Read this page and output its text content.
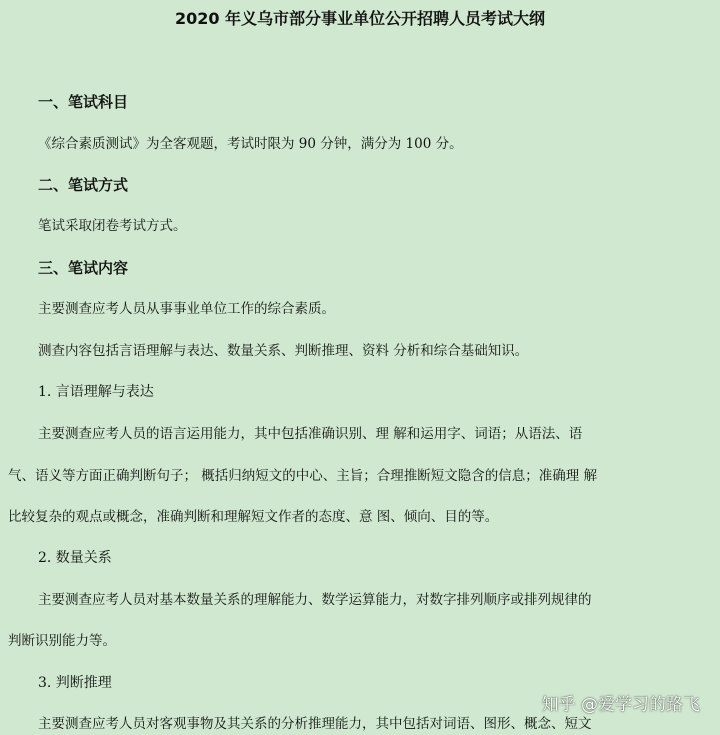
2020 年义乌市部分事业单位公开招聘人员考试大纲
一、笔试科目
《综合素质测试》为全客观题，考试时限为 90 分钟，满分为 100 分。
二、笔试方式
笔试采取闭卷考试方式。
三、笔试内容
主要测查应考人员从事事业单位工作的综合素质。
测查内容包括言语理解与表达、数量关系、判断推理、资料 分析和综合基础知识。
1. 言语理解与表达
主要测查应考人员的语言运用能力，其中包括准确识别、理 解和运用字、词语；从语法、语
气、语义等方面正确判断句子； 概括归纳短文的中心、主旨；合理推断短文隐含的信息；准确理 解
比较复杂的观点或概念，准确判断和理解短文作者的态度、意 图、倾向、目的等。
2. 数量关系
主要测查应考人员对基本数量关系的理解能力、数学运算能力，对数字排列顺序或排列规律的
判断识别能力等。
3. 判断推理
主要测查应考人员对客观事物及其关系的分析推理能力，其中包括对词语、图形、概念、短文
知乎 @爱学习的路飞
